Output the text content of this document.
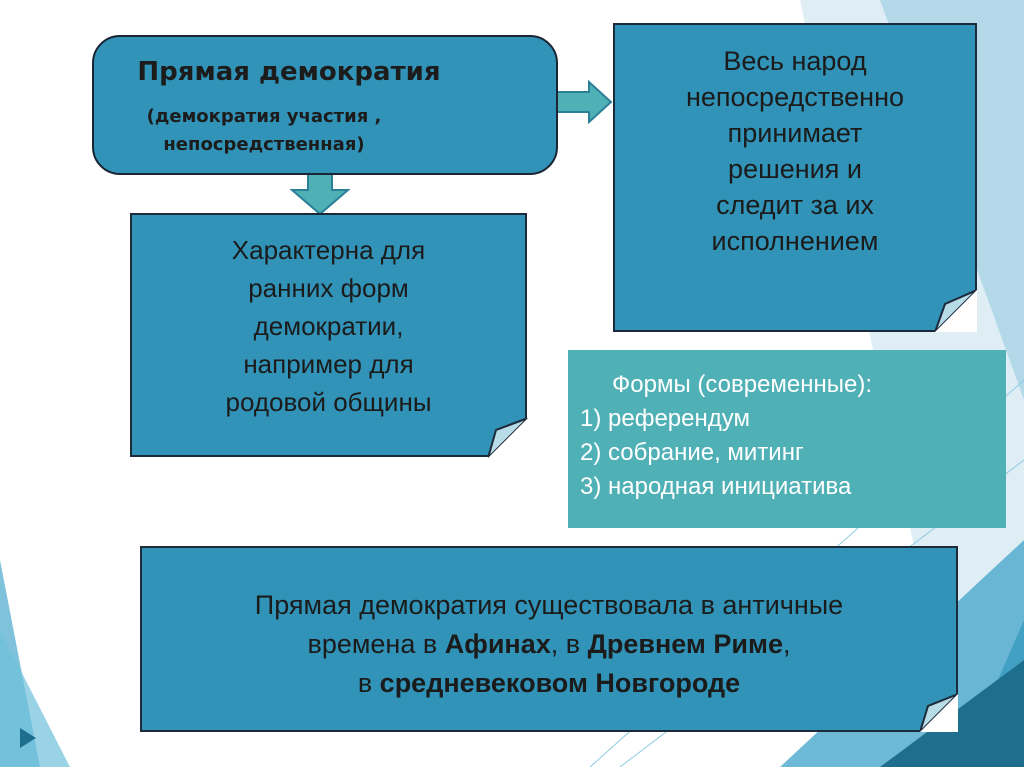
Прямая демократия
(демократия участия ,
непосредственная)
Весь народ
непосредственно
принимает
решения и
следит за их
исполнением
Характерна для
ранних форм
демократии,
например для
родовой общины
Формы (современные):
1) референдум
2) собрание, митинг
3) народная инициатива
Прямая демократия существовала в античные
времена в Афинах, в Древнем Риме,
в средневековом Новгороде
